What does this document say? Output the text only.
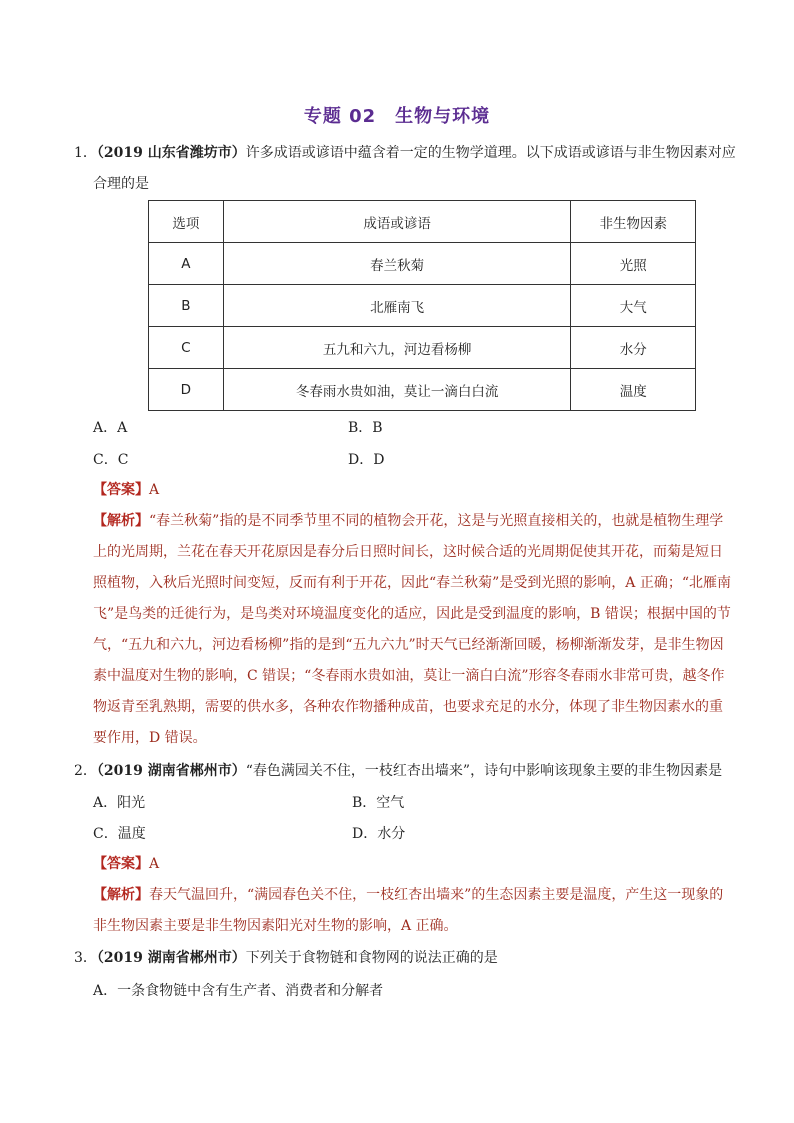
专题 02　生物与环境
1．（2019 山东省潍坊市）许多成语或谚语中蕴含着一定的生物学道理。以下成语或谚语与非生物因素对应
合理的是
选项	成语或谚语	非生物因素
A	春兰秋菊	光照
B	北雁南飞	大气
C	五九和六九，河边看杨柳	水分
D	冬春雨水贵如油，莫让一滴白白流	温度
A．A	B．B
C．C	D．D
【答案】A
【解析】“春兰秋菊”指的是不同季节里不同的植物会开花，这是与光照直接相关的，也就是植物生理学
上的光周期，兰花在春天开花原因是春分后日照时间长，这时候合适的光周期促使其开花，而菊是短日
照植物，入秋后光照时间变短，反而有利于开花，因此“春兰秋菊”是受到光照的影响，A 正确；“北雁南
飞”是鸟类的迁徙行为，是鸟类对环境温度变化的适应，因此是受到温度的影响，B 错误；根据中国的节
气，“五九和六九，河边看杨柳”指的是到“五九六九”时天气已经渐渐回暖，杨柳渐渐发芽，是非生物因
素中温度对生物的影响，C 错误；“冬春雨水贵如油，莫让一滴白白流”形容冬春雨水非常可贵，越冬作
物返青至乳熟期，需要的供水多，各种农作物播种成苗，也要求充足的水分，体现了非生物因素水的重
要作用，D 错误。
2．（2019 湖南省郴州市）“春色满园关不住，一枝红杏出墙来”，诗句中影响该现象主要的非生物因素是
A．阳光	B．空气
C．温度	D．水分
【答案】A
【解析】春天气温回升，“满园春色关不住，一枝红杏出墙来”的生态因素主要是温度，产生这一现象的
非生物因素主要是非生物因素阳光对生物的影响，A 正确。
3．（2019 湖南省郴州市）下列关于食物链和食物网的说法正确的是
A．一条食物链中含有生产者、消费者和分解者
